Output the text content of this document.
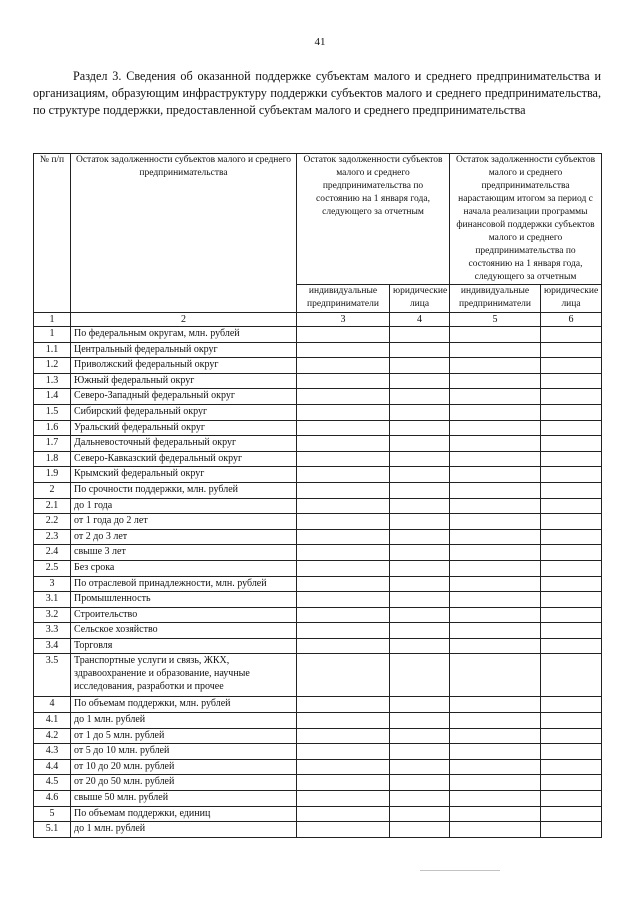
41
Раздел 3. Сведения об оказанной поддержке субъектам малого и среднего предпринимательства и организациям, образующим инфраструктуру поддержки субъектов малого и среднего предпринимательства, по структуре поддержки, предоставленной субъектам малого и среднего предпринимательства
№ п/п	Остаток задолженности субъектов малого и среднего предпринимательства	Остаток задолженности субъектов малого и среднего предпринимательства по состоянию на 1 января года, следующего за отчетным		Остаток задолженности субъектов малого и среднего предпринимательства нарастающим итогом за период с начала реализации программы финансовой поддержки субъектов малого и среднего предпринимательства по состоянию на 1 января года, следующего за отчетным	
		индивидуальные предприниматели	юридические лица	индивидуальные предприниматели	юридические лица
1	2	3	4	5	6
1	По федеральным округам, млн. рублей				
1.1	Центральный федеральный округ				
1.2	Приволжский федеральный округ				
1.3	Южный федеральный округ				
1.4	Северо-Западный федеральный округ				
1.5	Сибирский федеральный округ				
1.6	Уральский федеральный округ				
1.7	Дальневосточный федеральный округ				
1.8	Северо-Кавказский федеральный округ				
1.9	Крымский федеральный округ				
2	По срочности поддержки, млн. рублей				
2.1	до 1 года				
2.2	от 1 года до 2 лет				
2.3	от 2 до 3 лет				
2.4	свыше 3 лет				
2.5	Без срока				
3	По отраслевой принадлежности, млн. рублей				
3.1	Промышленность				
3.2	Строительство				
3.3	Сельское хозяйство				
3.4	Торговля				
3.5	Транспортные услуги и связь, ЖКХ, здравоохранение и образование, научные исследования, разработки и прочее				
4	По объемам поддержки, млн. рублей				
4.1	до 1 млн. рублей				
4.2	от 1 до 5 млн. рублей				
4.3	от 5 до 10 млн. рублей				
4.4	от 10 до 20 млн. рублей				
4.5	от 20 до 50 млн. рублей				
4.6	свыше 50 млн. рублей				
5	По объемам поддержки, единиц				
5.1	до 1 млн. рублей				
